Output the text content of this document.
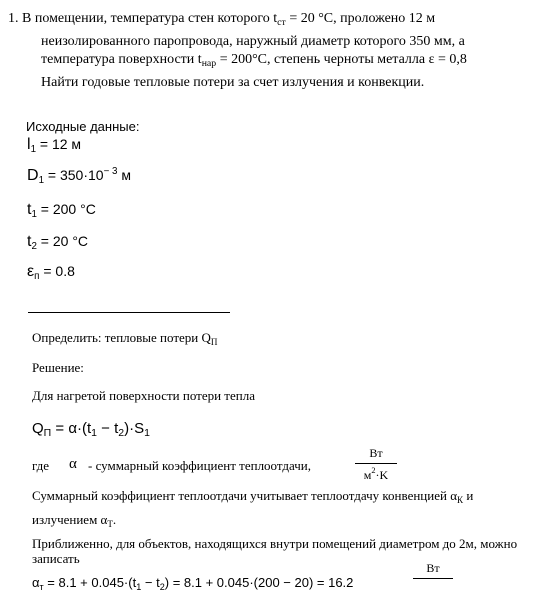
1. В помещении, температура стен которого $t_{ст} = 20$ °С, проложено 12 м
неизолированного паропровода, наружный диаметр которого 350 мм, а
температура поверхности $t_{нар} = 200^\circ С$, степень черноты металла ε = 0,8
Найти годовые тепловые потери за счет излучения и конвекции.
Исходные данные:
$l_1 = 12$ м
$D_1 = 350\cdot 10^{- 3}$ м
$t_1 = 200$ °C
$t_2 = 20$ °C
$\varepsilon_п = 0.8$
Определить: тепловые потери $Q_П$
Решение:
Для нагретой поверхности потери тепла
$Q_П = \alpha\cdot(t_1 - t_2)\cdot S_1$
где α - суммарный коэффициент теплоотдачи,
Вт
$м^2\cdot K$
Суммарный коэффициент теплоотдачи учитывает теплоотдачу конвенцией $\alpha_К$ и
излучением $\alpha_Т$.
Приближенно, для объектов, находящихся внутри помещений диаметром до 2м, можно
записать
$\alpha_т = 8.1 + 0.045\cdot(t_1 - t_2) = 8.1 + 0.045\cdot(200 - 20) = 16.2$
Вт
